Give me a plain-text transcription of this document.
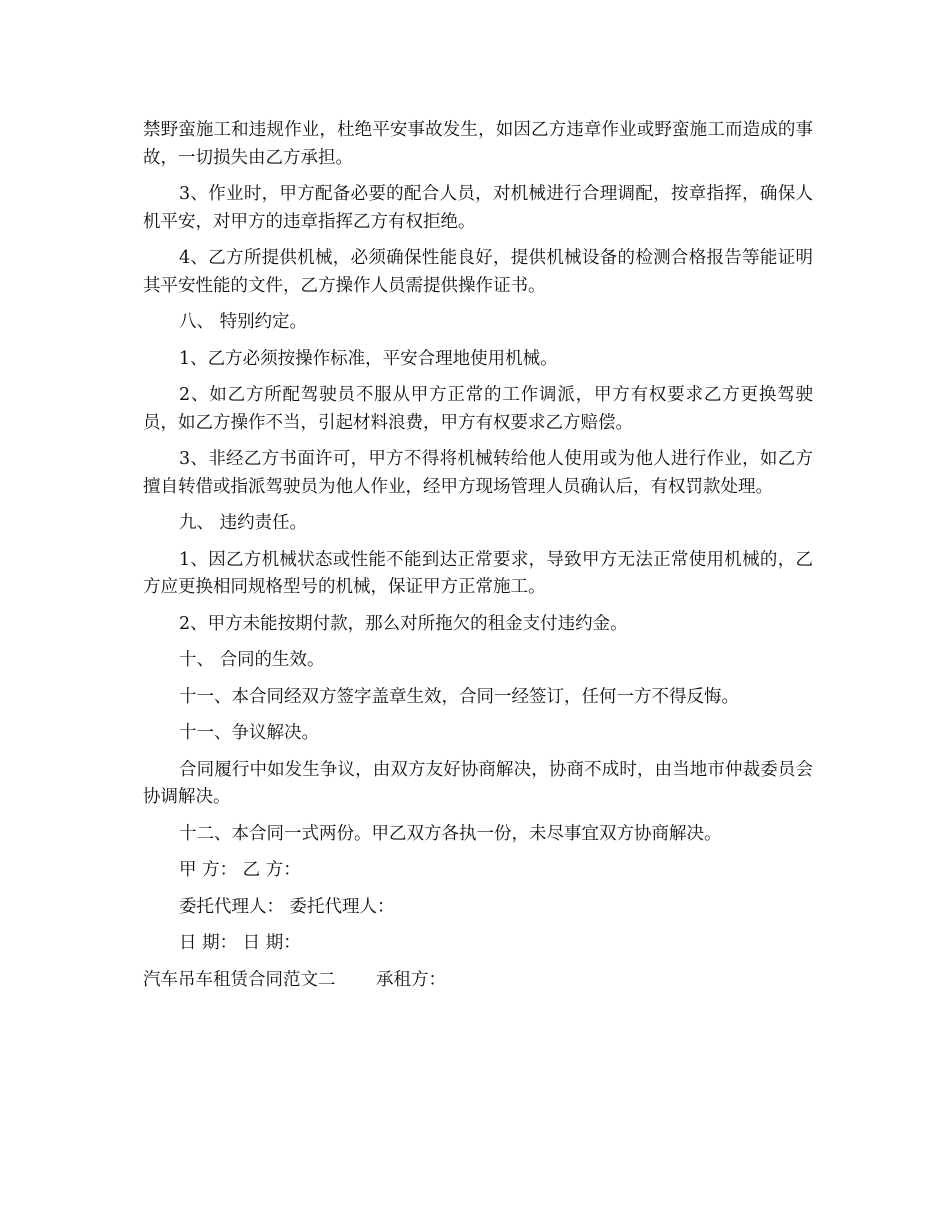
禁野蛮施工和违规作业，杜绝平安事故发生，如因乙方违章作业或野蛮施工而造成的事故，一切损失由乙方承担。

3、作业时，甲方配备必要的配合人员，对机械进行合理调配，按章指挥，确保人机平安，对甲方的违章指挥乙方有权拒绝。

4、乙方所提供机械，必须确保性能良好，提供机械设备的检测合格报告等能证明其平安性能的文件，乙方操作人员需提供操作证书。

八、 特别约定。

1、乙方必须按操作标准，平安合理地使用机械。

2、如乙方所配驾驶员不服从甲方正常的工作调派，甲方有权要求乙方更换驾驶员，如乙方操作不当，引起材料浪费，甲方有权要求乙方赔偿。

3、非经乙方书面许可，甲方不得将机械转给他人使用或为他人进行作业，如乙方擅自转借或指派驾驶员为他人作业，经甲方现场管理人员确认后，有权罚款处理。

九、 违约责任。

1、因乙方机械状态或性能不能到达正常要求，导致甲方无法正常使用机械的，乙方应更换相同规格型号的机械，保证甲方正常施工。

2、甲方未能按期付款，那么对所拖欠的租金支付违约金。

十、 合同的生效。

十一、本合同经双方签字盖章生效，合同一经签订，任何一方不得反悔。

十一、争议解决。

合同履行中如发生争议，由双方友好协商解决，协商不成时，由当地市仲裁委员会协调解决。

十二、本合同一式两份。甲乙双方各执一份，未尽事宜双方协商解决。

甲 方： 乙 方：

委托代理人： 委托代理人：

日 期： 日 期：

汽车吊车租赁合同范文二　　 承租方：
